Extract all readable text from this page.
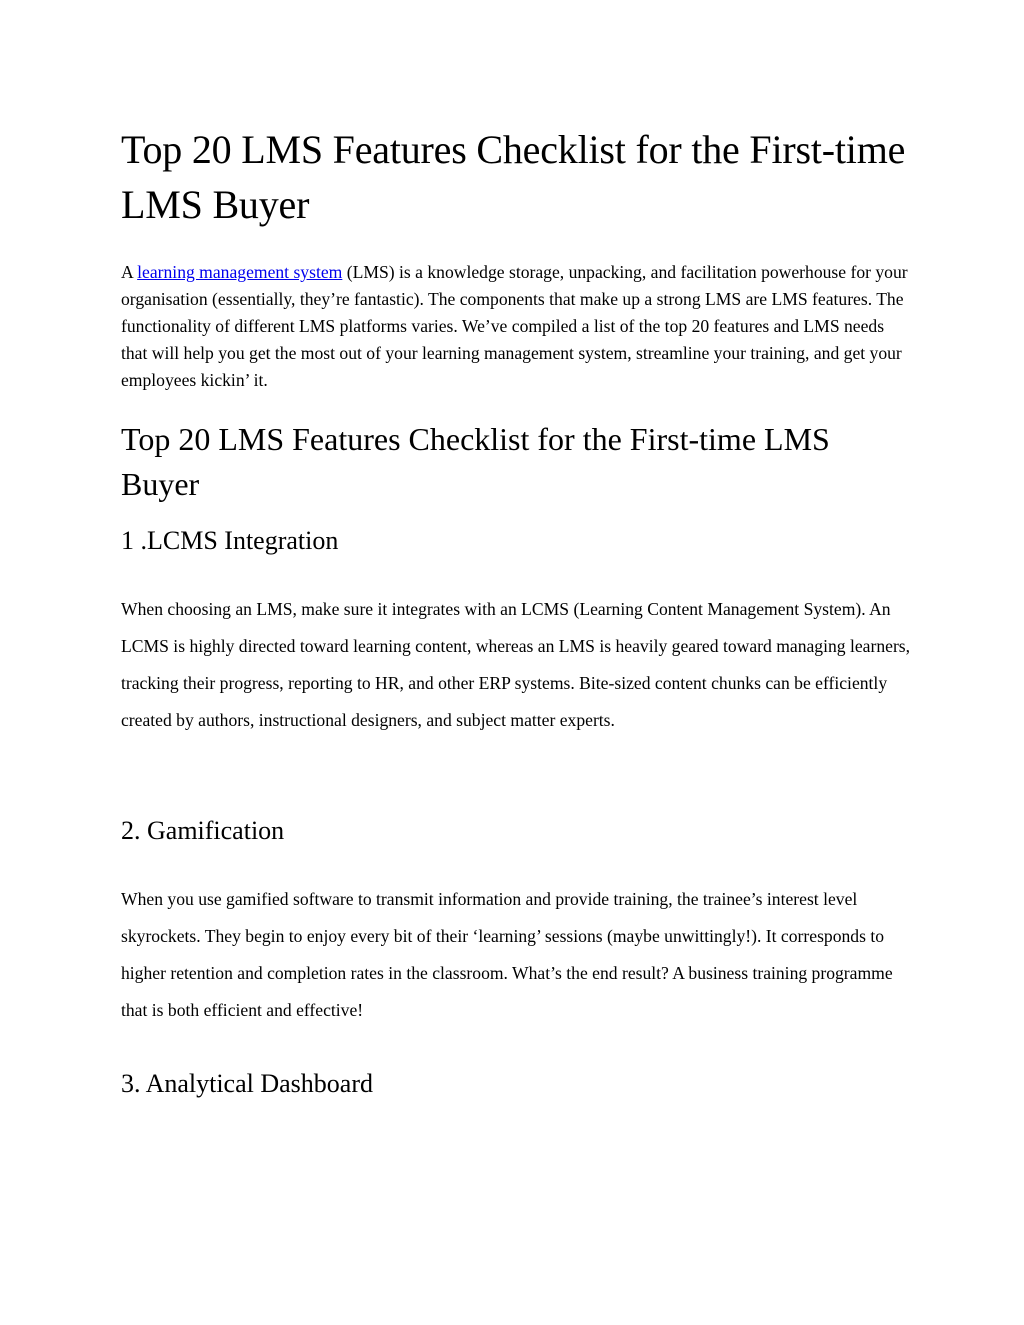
Top 20 LMS Features Checklist for the First-time LMS Buyer

A learning management system (LMS) is a knowledge storage, unpacking, and facilitation powerhouse for your organisation (essentially, they’re fantastic). The components that make up a strong LMS are LMS features. The functionality of different LMS platforms varies. We’ve compiled a list of the top 20 features and LMS needs that will help you get the most out of your learning management system, streamline your training, and get your employees kickin’ it.

Top 20 LMS Features Checklist for the First-time LMS Buyer
1 .LCMS Integration

When choosing an LMS, make sure it integrates with an LCMS (Learning Content Management System). An LCMS is highly directed toward learning content, whereas an LMS is heavily geared toward managing learners, tracking their progress, reporting to HR, and other ERP systems. Bite-sized content chunks can be efficiently created by authors, instructional designers, and subject matter experts.

2. Gamification

When you use gamified software to transmit information and provide training, the trainee’s interest level skyrockets. They begin to enjoy every bit of their ‘learning’ sessions (maybe unwittingly!). It corresponds to higher retention and completion rates in the classroom. What’s the end result? A business training programme that is both efficient and effective!

3. Analytical Dashboard
